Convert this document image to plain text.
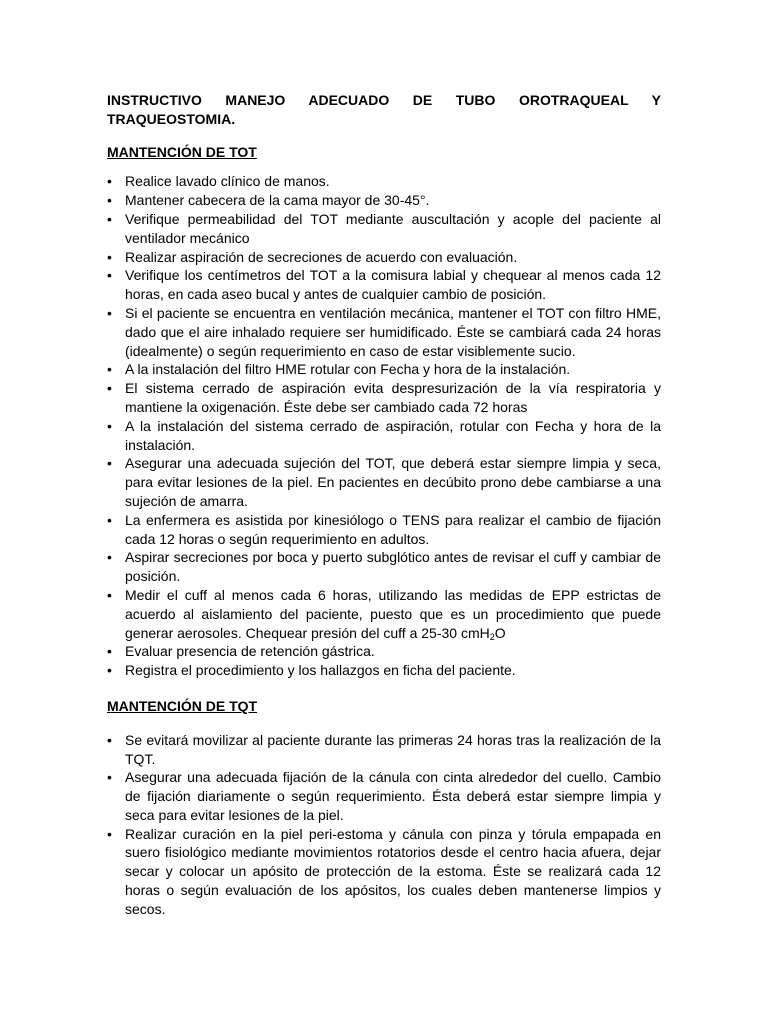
INSTRUCTIVO MANEJO ADECUADO DE TUBO OROTRAQUEAL Y TRAQUEOSTOMIA.
MANTENCIÓN DE TOT
• Realice lavado clínico de manos.
• Mantener cabecera de la cama mayor de 30-45°.
• Verifique permeabilidad del TOT mediante auscultación y acople del paciente al ventilador mecánico
• Realizar aspiración de secreciones de acuerdo con evaluación.
• Verifique los centímetros del TOT a la comisura labial y chequear al menos cada 12 horas, en cada aseo bucal y antes de cualquier cambio de posición.
• Si el paciente se encuentra en ventilación mecánica, mantener el TOT con filtro HME, dado que el aire inhalado requiere ser humidificado. Éste se cambiará cada 24 horas (idealmente) o según requerimiento en caso de estar visiblemente sucio.
• A la instalación del filtro HME rotular con Fecha y hora de la instalación.
• El sistema cerrado de aspiración evita despresurización de la vía respiratoria y mantiene la oxigenación. Éste debe ser cambiado cada 72 horas
• A la instalación del sistema cerrado de aspiración, rotular con Fecha y hora de la instalación.
• Asegurar una adecuada sujeción del TOT, que deberá estar siempre limpia y seca, para evitar lesiones de la piel. En pacientes en decúbito prono debe cambiarse a una sujeción de amarra.
• La enfermera es asistida por kinesiólogo o TENS para realizar el cambio de fijación cada 12 horas o según requerimiento en adultos.
• Aspirar secreciones por boca y puerto subglótico antes de revisar el cuff y cambiar de posición.
• Medir el cuff al menos cada 6 horas, utilizando las medidas de EPP estrictas de acuerdo al aislamiento del paciente, puesto que es un procedimiento que puede generar aerosoles. Chequear presión del cuff a 25-30 cmH$_2$O
• Evaluar presencia de retención gástrica.
• Registra el procedimiento y los hallazgos en ficha del paciente.
MANTENCIÓN DE TQT
• Se evitará movilizar al paciente durante las primeras 24 horas tras la realización de la TQT.
• Asegurar una adecuada fijación de la cánula con cinta alrededor del cuello. Cambio de fijación diariamente o según requerimiento. Ésta deberá estar siempre limpia y seca para evitar lesiones de la piel.
• Realizar curación en la piel peri-estoma y cánula con pinza y tórula empapada en suero fisiológico mediante movimientos rotatorios desde el centro hacia afuera, dejar secar y colocar un apósito de protección de la estoma. Éste se realizará cada 12 horas o según evaluación de los apósitos, los cuales deben mantenerse limpios y secos.
